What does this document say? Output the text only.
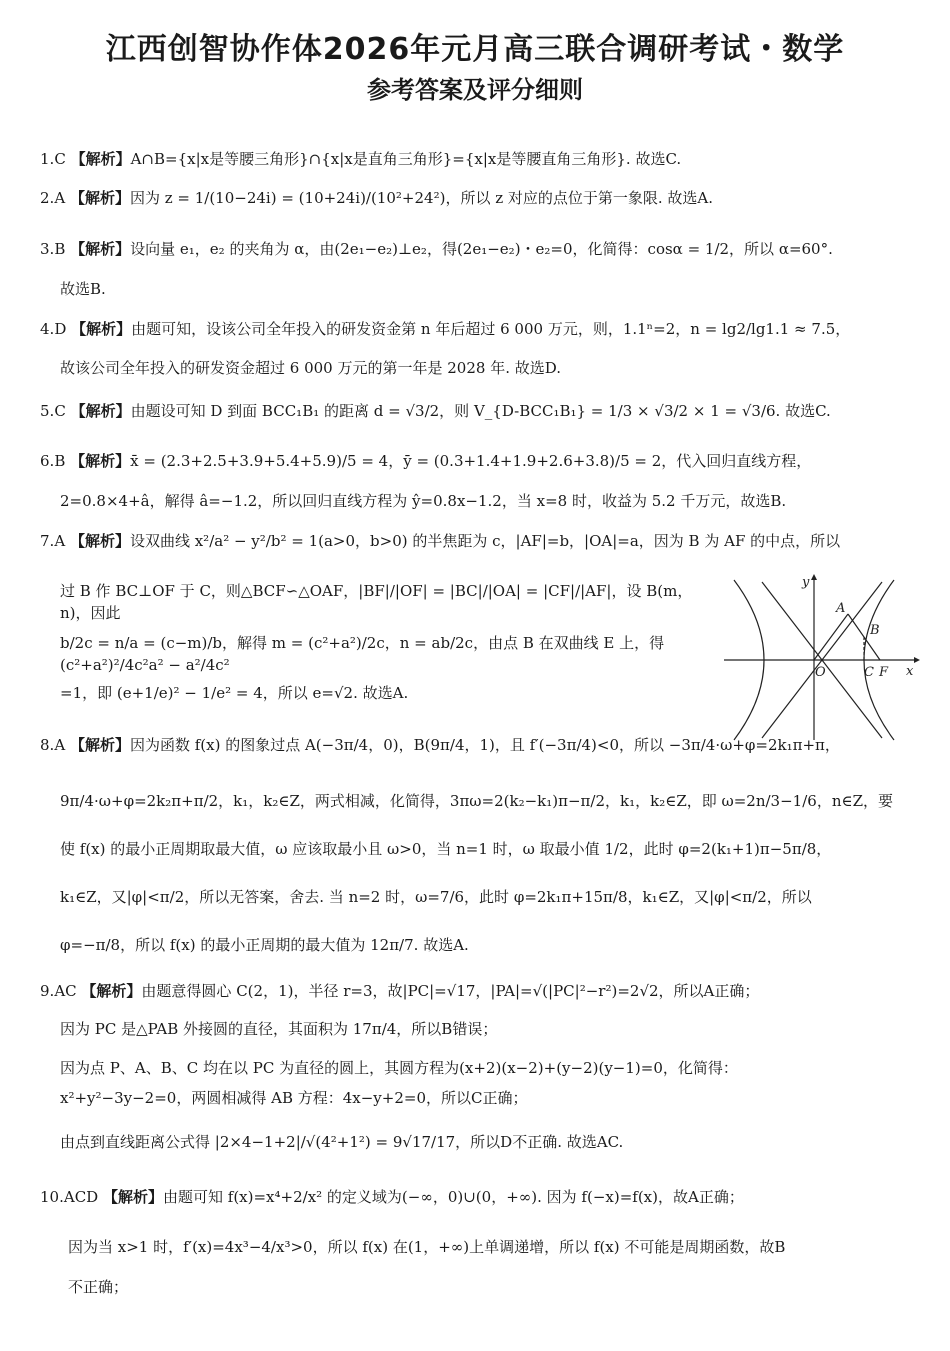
江西创智协作体2026年元月高三联合调研考试・数学
参考答案及评分细则
1.C 【解析】A∩B={x|x是等腰三角形}∩{x|x是直角三角形}={x|x是等腰直角三角形}. 故选C.
2.A 【解析】因为 z = 1/(10−24i) = (10+24i)/(10²+24²)，所以 z 对应的点位于第一象限. 故选A.
3.B 【解析】设向量 e₁，e₂ 的夹角为 α，由(2e₁−e₂)⊥e₂，得(2e₁−e₂)・e₂=0，化简得：cosα = 1/2，所以 α=60°.
故选B.
4.D 【解析】由题可知，设该公司全年投入的研发资金第 n 年后超过 6 000 万元，则，1.1ⁿ=2，n = lg2/lg1.1 ≈ 7.5，
故该公司全年投入的研发资金超过 6 000 万元的第一年是 2028 年. 故选D.
5.C 【解析】由题设可知 D 到面 BCC₁B₁ 的距离 d = √3/2，则 V_{D-BCC₁B₁} = 1/3 × √3/2 × 1 = √3/6. 故选C.
6.B 【解析】x̄ = (2.3+2.5+3.9+5.4+5.9)/5 = 4，ȳ = (0.3+1.4+1.9+2.6+3.8)/5 = 2，代入回归直线方程，
2=0.8×4+â，解得 â=−1.2，所以回归直线方程为 ŷ=0.8x−1.2，当 x=8 时，收益为 5.2 千万元，故选B.
7.A 【解析】设双曲线 x²/a² − y²/b² = 1(a>0，b>0) 的半焦距为 c，|AF|=b，|OA|=a，因为 B 为 AF 的中点，所以
过 B 作 BC⊥OF 于 C，则△BCF∽△OAF，|BF|/|OF| = |BC|/|OA| = |CF|/|AF|，设 B(m，n)，因此
b/2c = n/a = (c−m)/b，解得 m = (c²+a²)/2c，n = ab/2c，由点 B 在双曲线 E 上，得 (c²+a²)²/4c²a² − a²/4c²
=1，即 (e+1/e)² − 1/e² = 4，所以 e=√2. 故选A.
y
x
O
A
B
C F
8.A 【解析】因为函数 f(x) 的图象过点 A(−3π/4，0)，B(9π/4，1)，且 f′(−3π/4)<0，所以 −3π/4·ω+φ=2k₁π+π，
9π/4·ω+φ=2k₂π+π/2，k₁，k₂∈Z，两式相减，化简得，3πω=2(k₂−k₁)π−π/2，k₁，k₂∈Z，即 ω=2n/3−1/6，n∈Z，要
使 f(x) 的最小正周期取最大值，ω 应该取最小且 ω>0，当 n=1 时，ω 取最小值 1/2，此时 φ=2(k₁+1)π−5π/8，
k₁∈Z，又|φ|<π/2，所以无答案，舍去. 当 n=2 时，ω=7/6，此时 φ=2k₁π+15π/8，k₁∈Z，又|φ|<π/2，所以
φ=−π/8，所以 f(x) 的最小正周期的最大值为 12π/7. 故选A.
9.AC 【解析】由题意得圆心 C(2，1)，半径 r=3，故|PC|=√17，|PA|=√(|PC|²−r²)=2√2，所以A正确；
因为 PC 是△PAB 外接圆的直径，其面积为 17π/4，所以B错误；
因为点 P、A、B、C 均在以 PC 为直径的圆上，其圆方程为(x+2)(x−2)+(y−2)(y−1)=0，化简得：
x²+y²−3y−2=0，两圆相减得 AB 方程：4x−y+2=0，所以C正确；
由点到直线距离公式得 |2×4−1+2|/√(4²+1²) = 9√17/17，所以D不正确. 故选AC.
10.ACD 【解析】由题可知 f(x)=x⁴+2/x² 的定义域为(−∞，0)∪(0，+∞). 因为 f(−x)=f(x)，故A正确；
因为当 x>1 时，f′(x)=4x³−4/x³>0，所以 f(x) 在(1，+∞)上单调递增，所以 f(x) 不可能是周期函数，故B
不正确；
